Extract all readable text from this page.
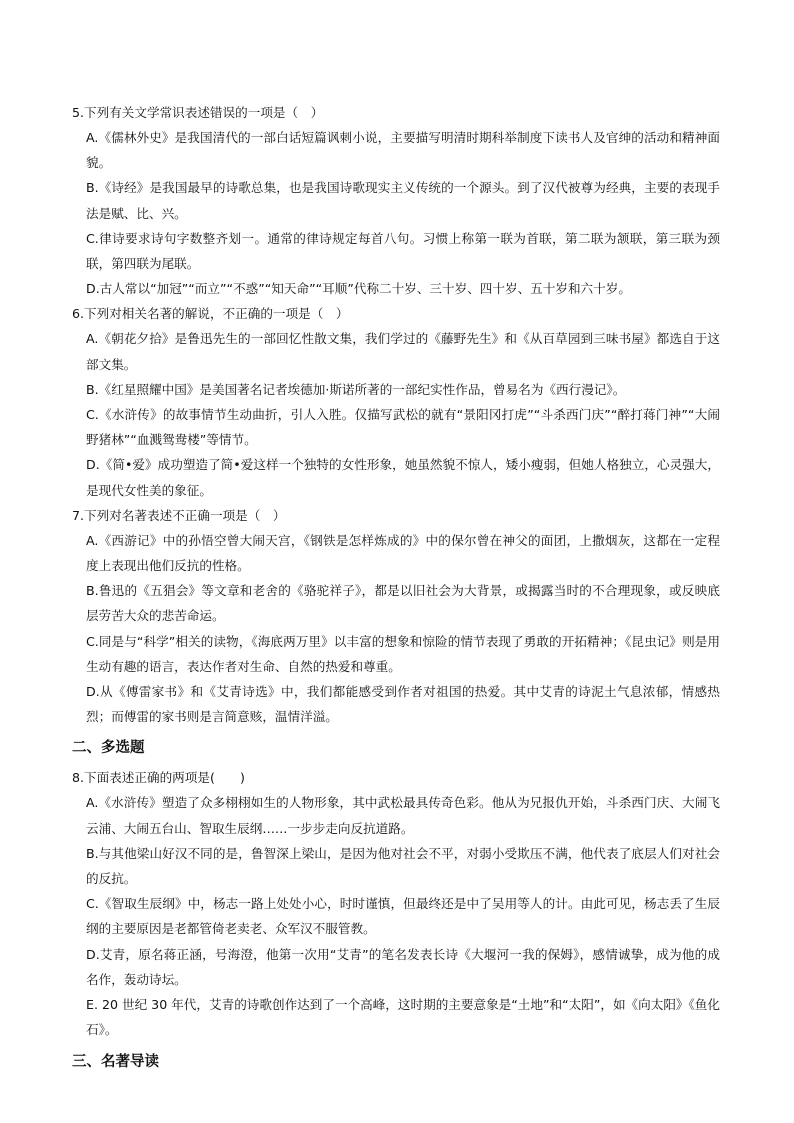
5.下列有关文学常识表述错误的一项是（　）

A.《儒林外史》是我国清代的一部白话短篇讽刺小说，主要描写明清时期科举制度下读书人及官绅的活动和精神面貌。

B.《诗经》是我国最早的诗歌总集，也是我国诗歌现实主义传统的一个源头。到了汉代被尊为经典，主要的表现手法是赋、比、兴。

C.律诗要求诗句字数整齐划一。通常的律诗规定每首八句。习惯上称第一联为首联，第二联为颔联，第三联为颈联，第四联为尾联。

D.古人常以“加冠”“而立”“不惑”“知天命”“耳顺”代称二十岁、三十岁、四十岁、五十岁和六十岁。

6.下列对相关名著的解说，不正确的一项是（　）

A.《朝花夕拾》是鲁迅先生的一部回忆性散文集，我们学过的《藤野先生》和《从百草园到三味书屋》都选自于这部文集。

B.《红星照耀中国》是美国著名记者埃德加·斯诺所著的一部纪实性作品，曾易名为《西行漫记》。

C.《水浒传》的故事情节生动曲折，引人入胜。仅描写武松的就有“景阳冈打虎”“斗杀西门庆”“醉打蒋门神”“大闹野猪林”“血溅鸳鸯楼”等情节。

D.《简•爱》成功塑造了简•爱这样一个独特的女性形象，她虽然貌不惊人，矮小瘦弱，但她人格独立，心灵强大，是现代女性美的象征。

7.下列对名著表述不正确一项是（　）

A.《西游记》中的孙悟空曾大闹天宫，《钢铁是怎样炼成的》中的保尔曾在神父的面团，上撒烟灰，这都在一定程度上表现出他们反抗的性格。

B.鲁迅的《五猖会》等文章和老舍的《骆驼祥子》，都是以旧社会为大背景，或揭露当时的不合理现象，或反映底层劳苦大众的悲苦命运。

C.同是与“科学”相关的读物，《海底两万里》以丰富的想象和惊险的情节表现了勇敢的开拓精神；《昆虫记》则是用生动有趣的语言，表达作者对生命、自然的热爱和尊重。

D.从《傅雷家书》和《艾青诗选》中，我们都能感受到作者对祖国的热爱。其中艾青的诗泥土气息浓郁，情感热烈；而傅雷的家书则是言简意赅，温情洋溢。

二、多选题

8.下面表述正确的两项是(　　)

A.《水浒传》塑造了众多栩栩如生的人物形象，其中武松最具传奇色彩。他从为兄报仇开始，斗杀西门庆、大闹飞云浦、大闹五台山、智取生辰纲……一步步走向反抗道路。

B.与其他梁山好汉不同的是，鲁智深上梁山，是因为他对社会不平，对弱小受欺压不满，他代表了底层人们对社会的反抗。

C.《智取生辰纲》中，杨志一路上处处小心，时时谨慎，但最终还是中了吴用等人的计。由此可见，杨志丢了生辰纲的主要原因是老都管倚老卖老、众军汉不服管教。

D.艾青，原名蒋正涵，号海澄，他第一次用“艾青”的笔名发表长诗《大堰河一我的保姆》，感情诚挚，成为他的成名作，轰动诗坛。

E. 20 世纪 30 年代，艾青的诗歌创作达到了一个高峰，这时期的主要意象是“土地”和“太阳”，如《向太阳》《鱼化石》。

三、名著导读
